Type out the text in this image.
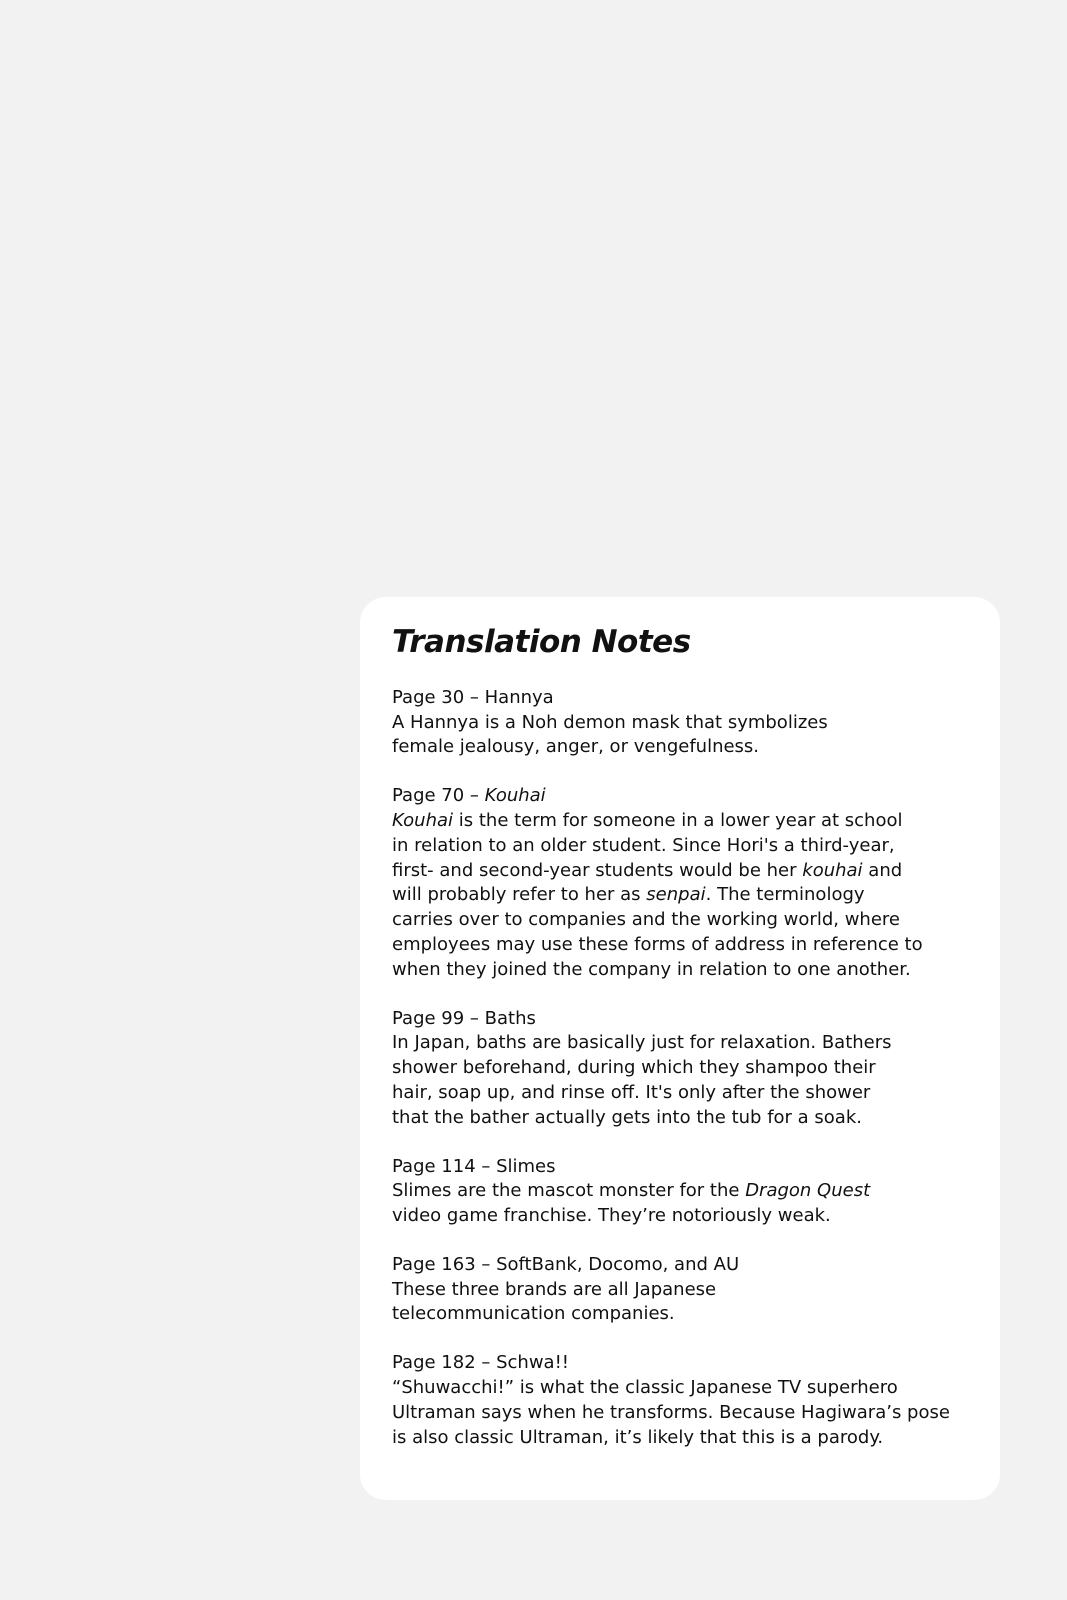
Translation Notes
Page 30 – Hannya
A Hannya is a Noh demon mask that symbolizes
female jealousy, anger, or vengefulness.
Page 70 – Kouhai
Kouhai is the term for someone in a lower year at school
in relation to an older student. Since Hori's a third-year,
first- and second-year students would be her kouhai and
will probably refer to her as senpai. The terminology
carries over to companies and the working world, where
employees may use these forms of address in reference to
when they joined the company in relation to one another.
Page 99 – Baths
In Japan, baths are basically just for relaxation. Bathers
shower beforehand, during which they shampoo their
hair, soap up, and rinse off. It's only after the shower
that the bather actually gets into the tub for a soak.
Page 114 – Slimes
Slimes are the mascot monster for the Dragon Quest
video game franchise. They’re notoriously weak.
Page 163 – SoftBank, Docomo, and AU
These three brands are all Japanese
telecommunication companies.
Page 182 – Schwa!!
“Shuwacchi!” is what the classic Japanese TV superhero
Ultraman says when he transforms. Because Hagiwara’s pose
is also classic Ultraman, it’s likely that this is a parody.
